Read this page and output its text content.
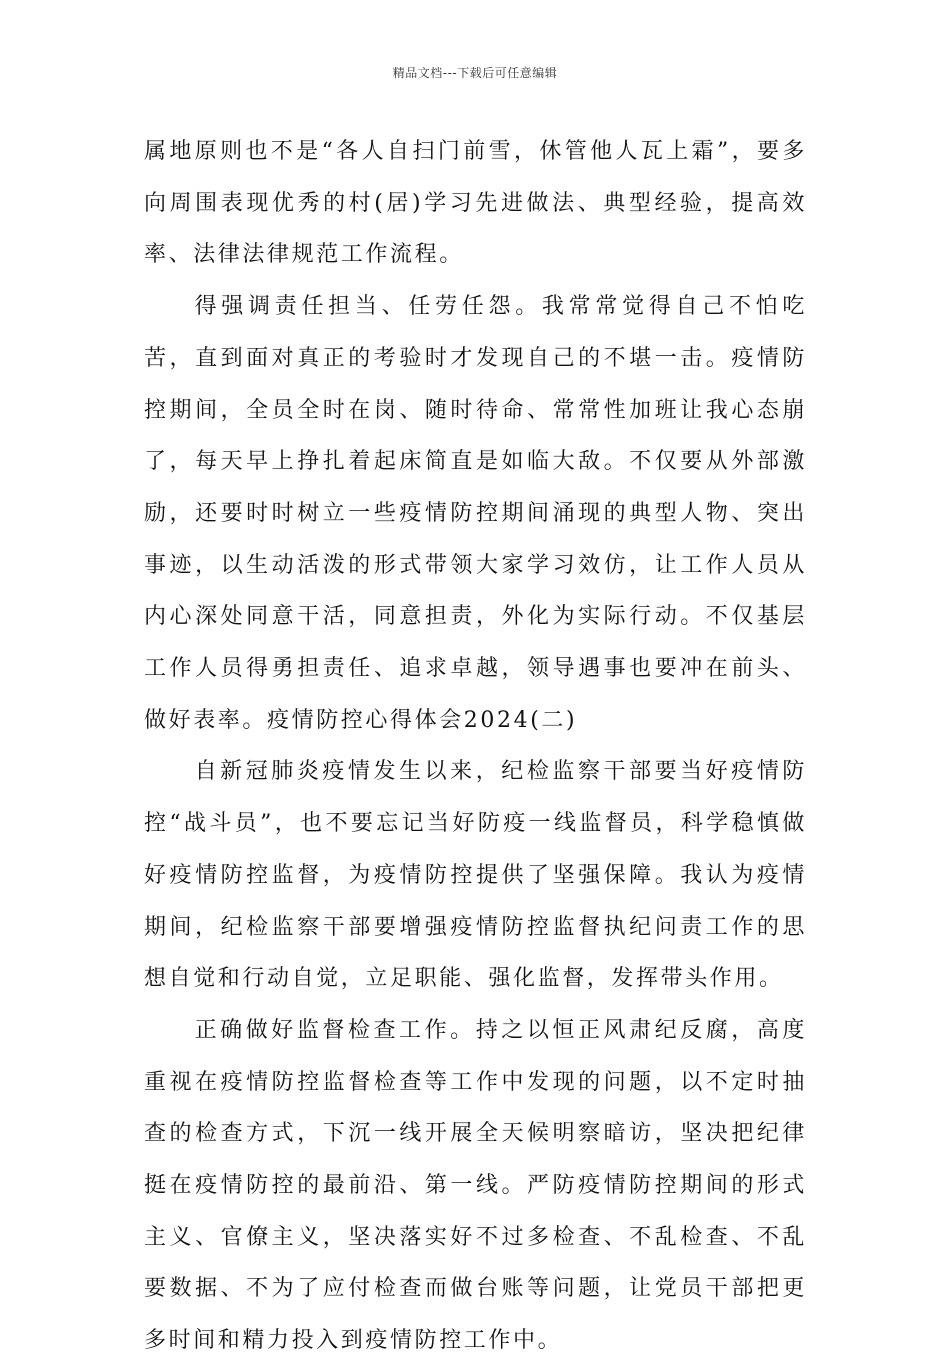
精品文档---下载后可任意编辑

属地原则也不是“各人自扫门前雪，休管他人瓦上霜”，要多向周围表现优秀的村(居)学习先进做法、典型经验，提高效率、法律法律规范工作流程。

得强调责任担当、任劳任怨。我常常觉得自己不怕吃苦，直到面对真正的考验时才发现自己的不堪一击。疫情防控期间，全员全时在岗、随时待命、常常性加班让我心态崩了，每天早上挣扎着起床简直是如临大敌。不仅要从外部激励，还要时时树立一些疫情防控期间涌现的典型人物、突出事迹，以生动活泼的形式带领大家学习效仿，让工作人员从内心深处同意干活，同意担责，外化为实际行动。不仅基层工作人员得勇担责任、追求卓越，领导遇事也要冲在前头、做好表率。疫情防控心得体会2024(二)

自新冠肺炎疫情发生以来，纪检监察干部要当好疫情防控“战斗员”，也不要忘记当好防疫一线监督员，科学稳慎做好疫情防控监督，为疫情防控提供了坚强保障。我认为疫情期间，纪检监察干部要增强疫情防控监督执纪问责工作的思想自觉和行动自觉，立足职能、强化监督，发挥带头作用。

正确做好监督检查工作。持之以恒正风肃纪反腐，高度重视在疫情防控监督检查等工作中发现的问题，以不定时抽查的检查方式，下沉一线开展全天候明察暗访，坚决把纪律挺在疫情防控的最前沿、第一线。严防疫情防控期间的形式主义、官僚主义，坚决落实好不过多检查、不乱检查、不乱要数据、不为了应付检查而做台账等问题，让党员干部把更多时间和精力投入到疫情防控工作中。
